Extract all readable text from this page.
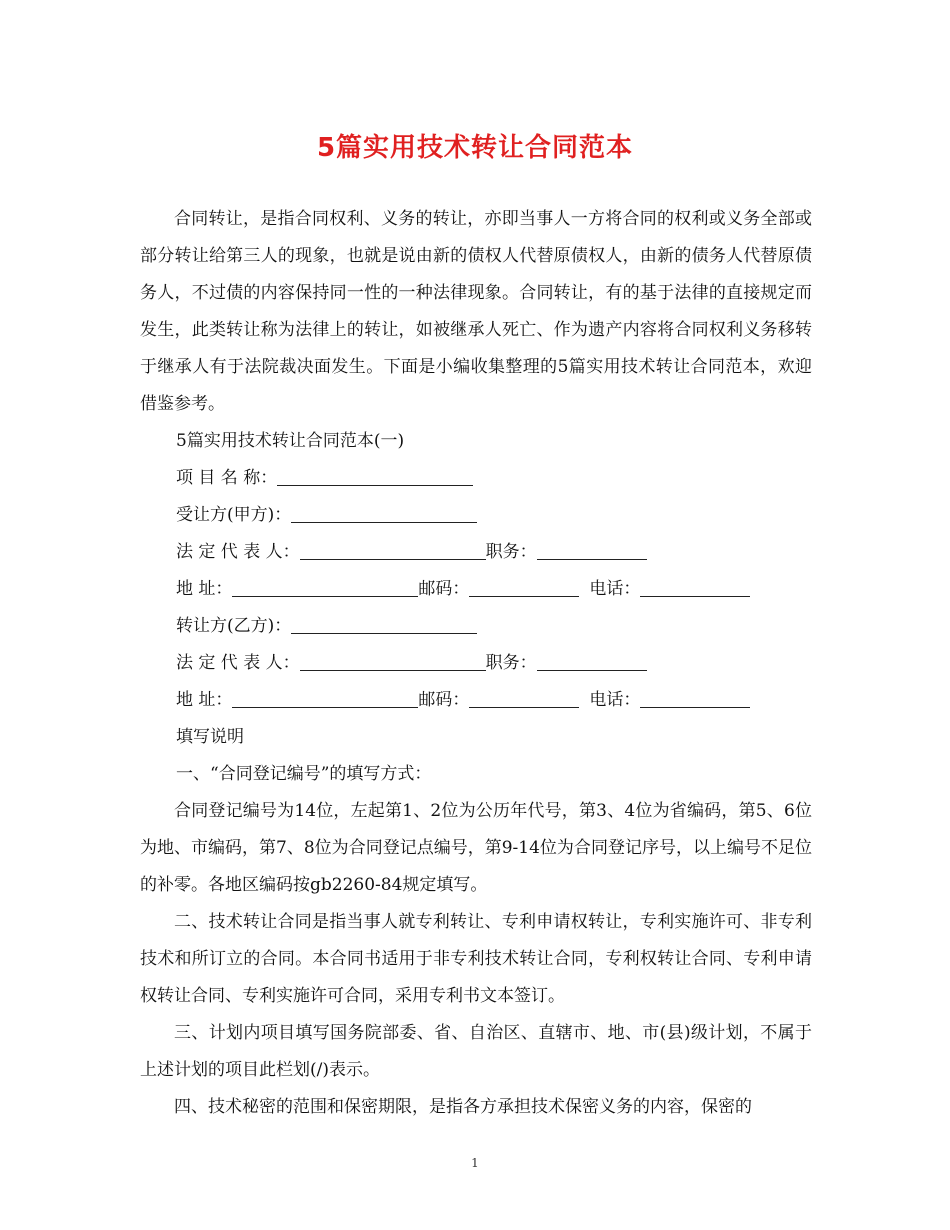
5篇实用技术转让合同范本

合同转让，是指合同权利、义务的转让，亦即当事人一方将合同的权利或义务全部或部分转让给第三人的现象，也就是说由新的债权人代替原债权人，由新的债务人代替原债务人，不过债的内容保持同一性的一种法律现象。合同转让，有的基于法律的直接规定而发生，此类转让称为法律上的转让，如被继承人死亡、作为遗产内容将合同权利义务移转于继承人有于法院裁决面发生。下面是小编收集整理的5篇实用技术转让合同范本，欢迎借鉴参考。

5篇实用技术转让合同范本(一)

项 目 名 称：

受让方(甲方)：

法 定 代 表 人：	职务：

地 址：	邮码：	电话：

转让方(乙方)：

法 定 代 表 人：	职务：

地 址：	邮码：	电话：

填写说明

一、“合同登记编号”的填写方式：

合同登记编号为14位，左起第1、2位为公历年代号，第3、4位为省编码，第5、6位为地、市编码，第7、8位为合同登记点编号，第9-14位为合同登记序号，以上编号不足位的补零。各地区编码按gb2260-84规定填写。

二、技术转让合同是指当事人就专利转让、专利申请权转让，专利实施许可、非专利技术和所订立的合同。本合同书适用于非专利技术转让合同，专利权转让合同、专利申请权转让合同、专利实施许可合同，采用专利书文本签订。

三、计划内项目填写国务院部委、省、自治区、直辖市、地、市(县)级计划，不属于上述计划的项目此栏划(/)表示。

四、技术秘密的范围和保密期限，是指各方承担技术保密义务的内容，保密的

1
